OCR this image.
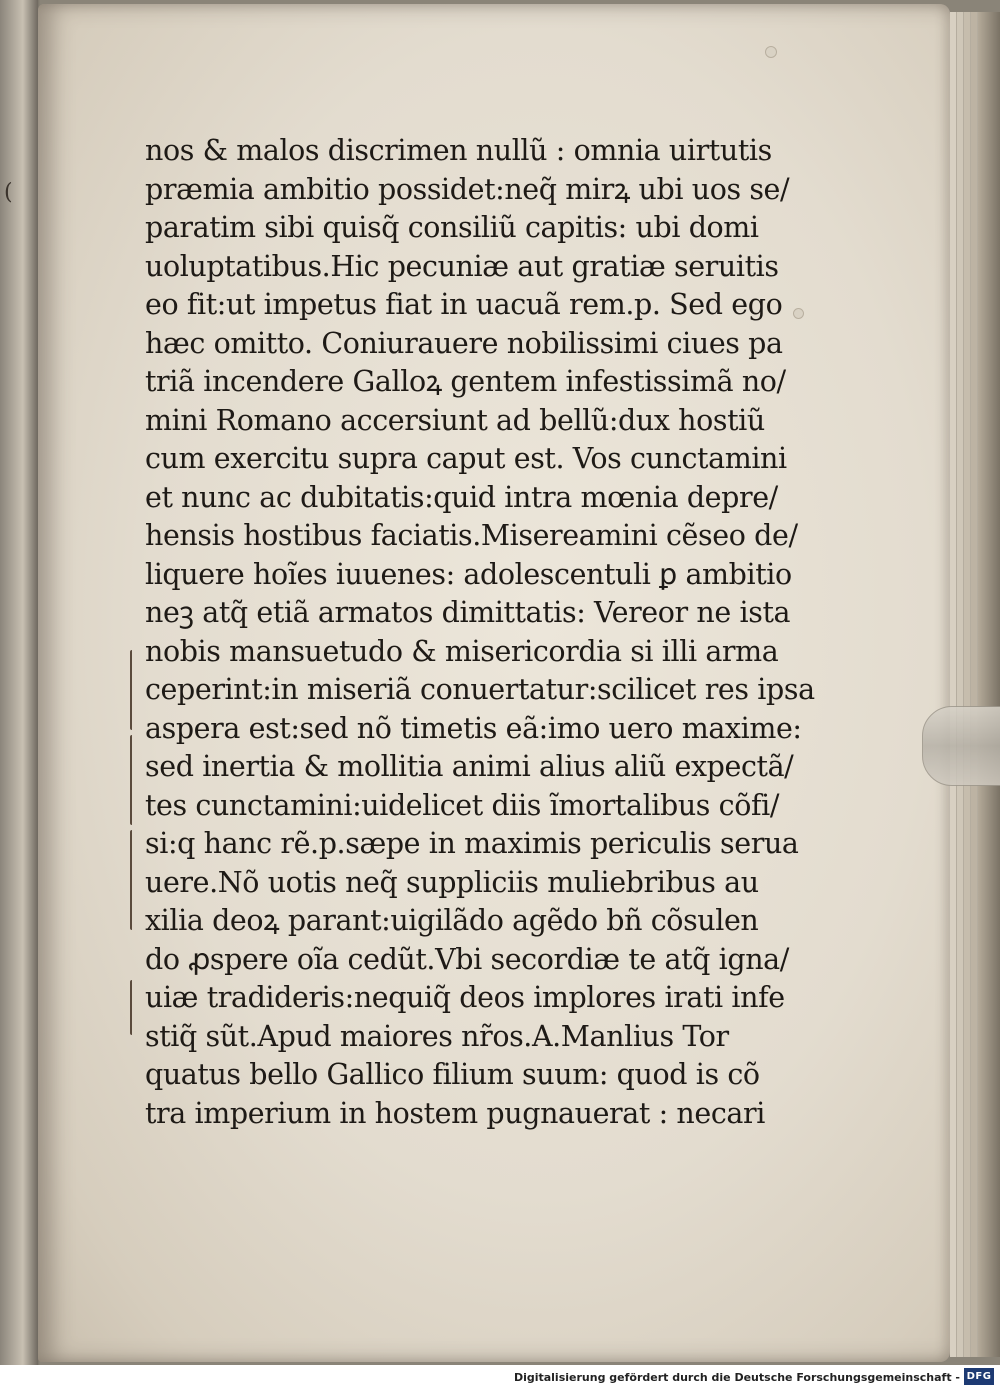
(
nos & malos discrimen nullũ : omnia uirtutis
præmia ambitio possidet:neq̃ mirꝝ ubi uos se/
paratim sibi quisq̃ consiliũ capitis: ubi domi
uoluptatibus.Hic pecuniæ aut gratiæ seruitis
eo fit:ut impetus fiat in uacuã rem.p. Sed ego
hæc omitto. Coniurauere nobilissimi ciues pa
triã incendere Galloꝝ gentem infestissimã no/
mini Romano accersiunt ad bellũ:dux hostiũ
cum exercitu supra caput est. Vos cunctamini
et nunc ac dubitatis:quid intra mœnia depre/
hensis hostibus faciatis.Misereamini cẽseo de/
liquere hoĩes iuuenes: adolescentuli ꝑ ambitio
neꝫ atq̃ etiã armatos dimittatis: Vereor ne ista
nobis mansuetudo & misericordia si illi arma
ceperint:in miseriã conuertatur:scilicet res ipsa
aspera est:sed nõ timetis eã:imo uero maxime:
sed inertia & mollitia animi alius aliũ expectã/
tes cunctamini:uidelicet diis ĩmortalibus cõfi/
si:q hanc rẽ.p.sæpe in maximis periculis serua
uere.Nõ uotis neq̃ suppliciis muliebribus au
xilia deoꝝ parant:uigilãdo agẽdo bñ cõsulen
do ꝓspere oĩa cedũt.Vbi secordiæ te atq̃ igna/
uiæ tradideris:nequiq̃ deos implores irati infe
stiq̃ sũt.Apud maiores nr̃os.A.Manlius Tor
quatus bello Gallico filium suum: quod is cõ
tra imperium in hostem pugnauerat : necari
Digitalisierung gefördert durch die Deutsche Forschungsgemeinschaft - DFG
